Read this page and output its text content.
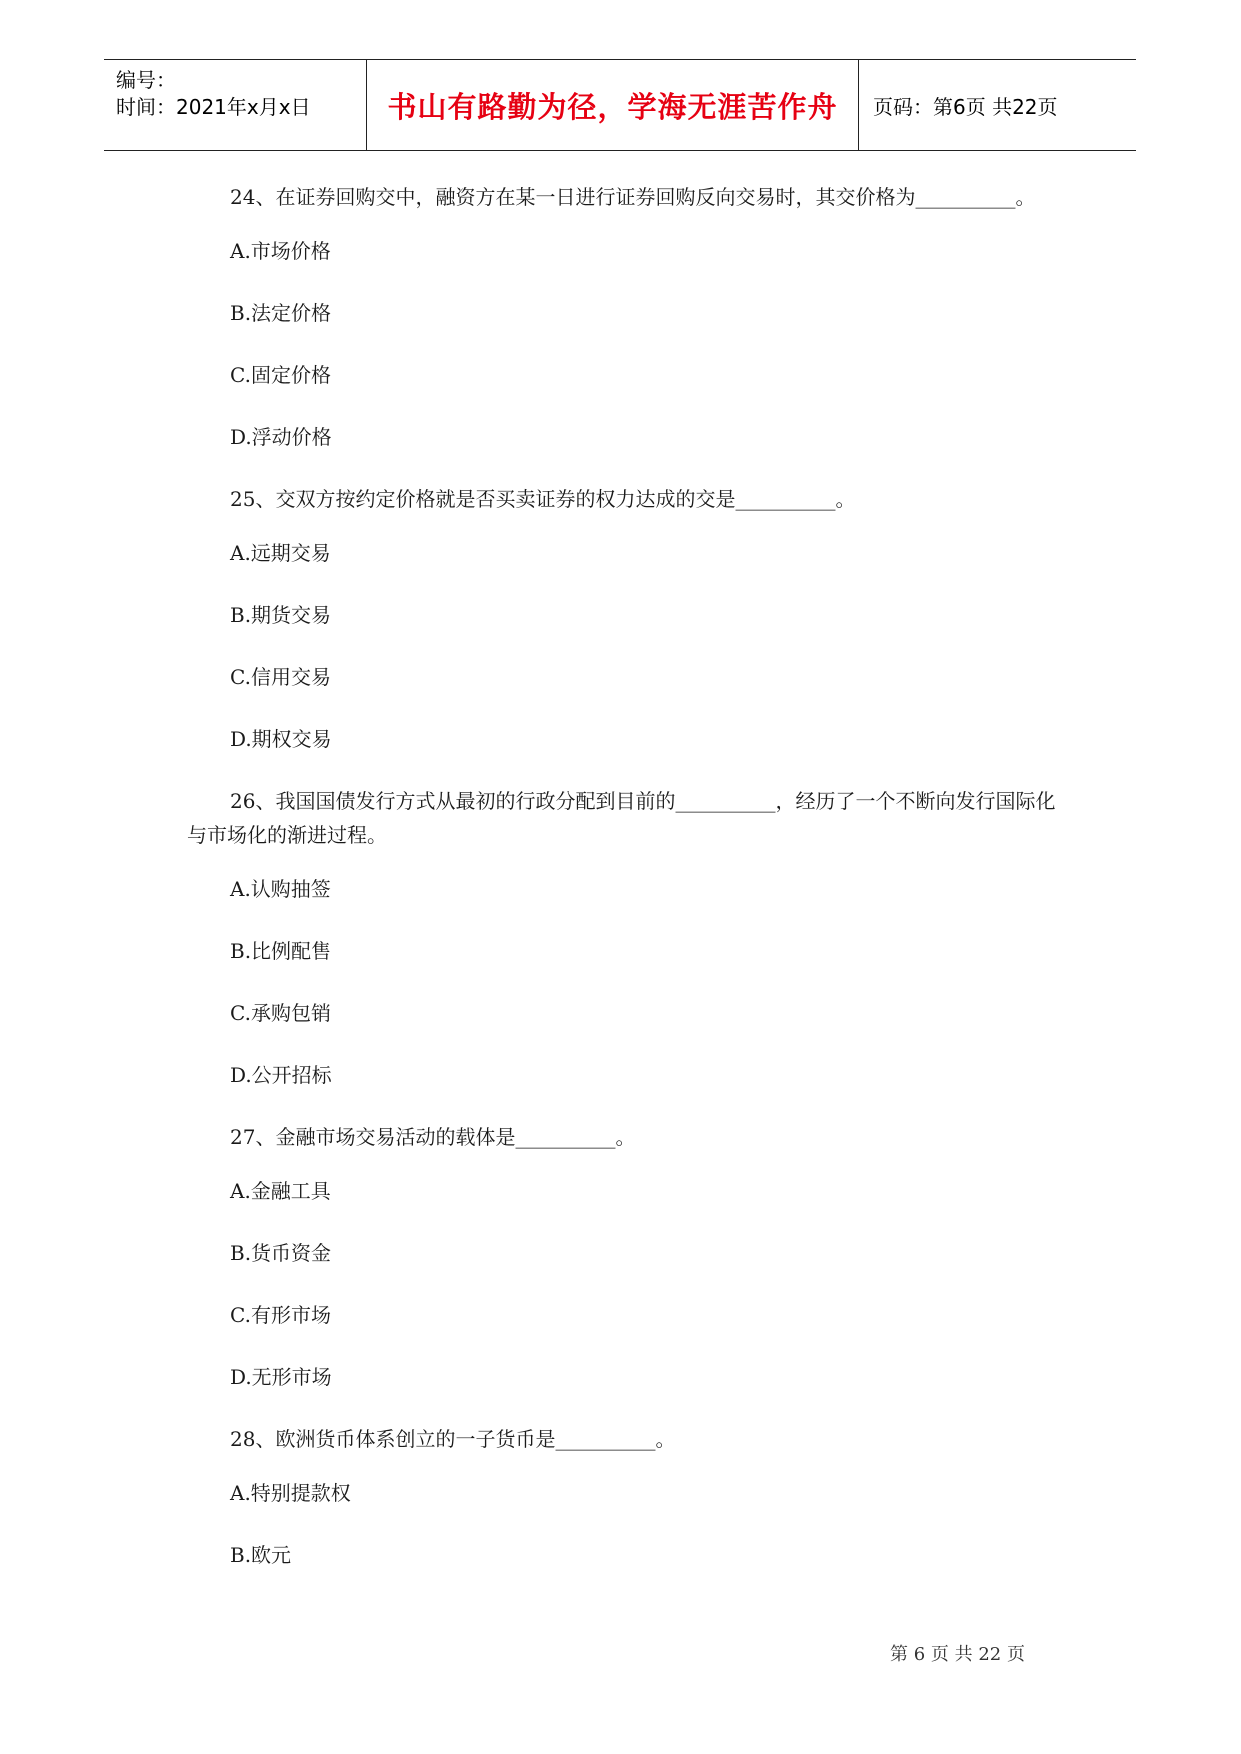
编号：
时间：2021年x月x日	书山有路勤为径，学海无涯苦作舟 页码：第6页 共22页

24、在证券回购交中，融资方在某一日进行证券回购反向交易时，其交价格为__________。

A.市场价格

B.法定价格

C.固定价格

D.浮动价格

25、交双方按约定价格就是否买卖证券的权力达成的交是__________。

A.远期交易

B.期货交易

C.信用交易

D.期权交易

26、我国国债发行方式从最初的行政分配到目前的__________，经历了一个不断向发行国际化与市场化的渐进过程。

A.认购抽签

B.比例配售

C.承购包销

D.公开招标

27、金融市场交易活动的载体是__________。

A.金融工具

B.货币资金

C.有形市场

D.无形市场

28、欧洲货币体系创立的一子货币是__________。

A.特别提款权

B.欧元

第 6 页 共 22 页
